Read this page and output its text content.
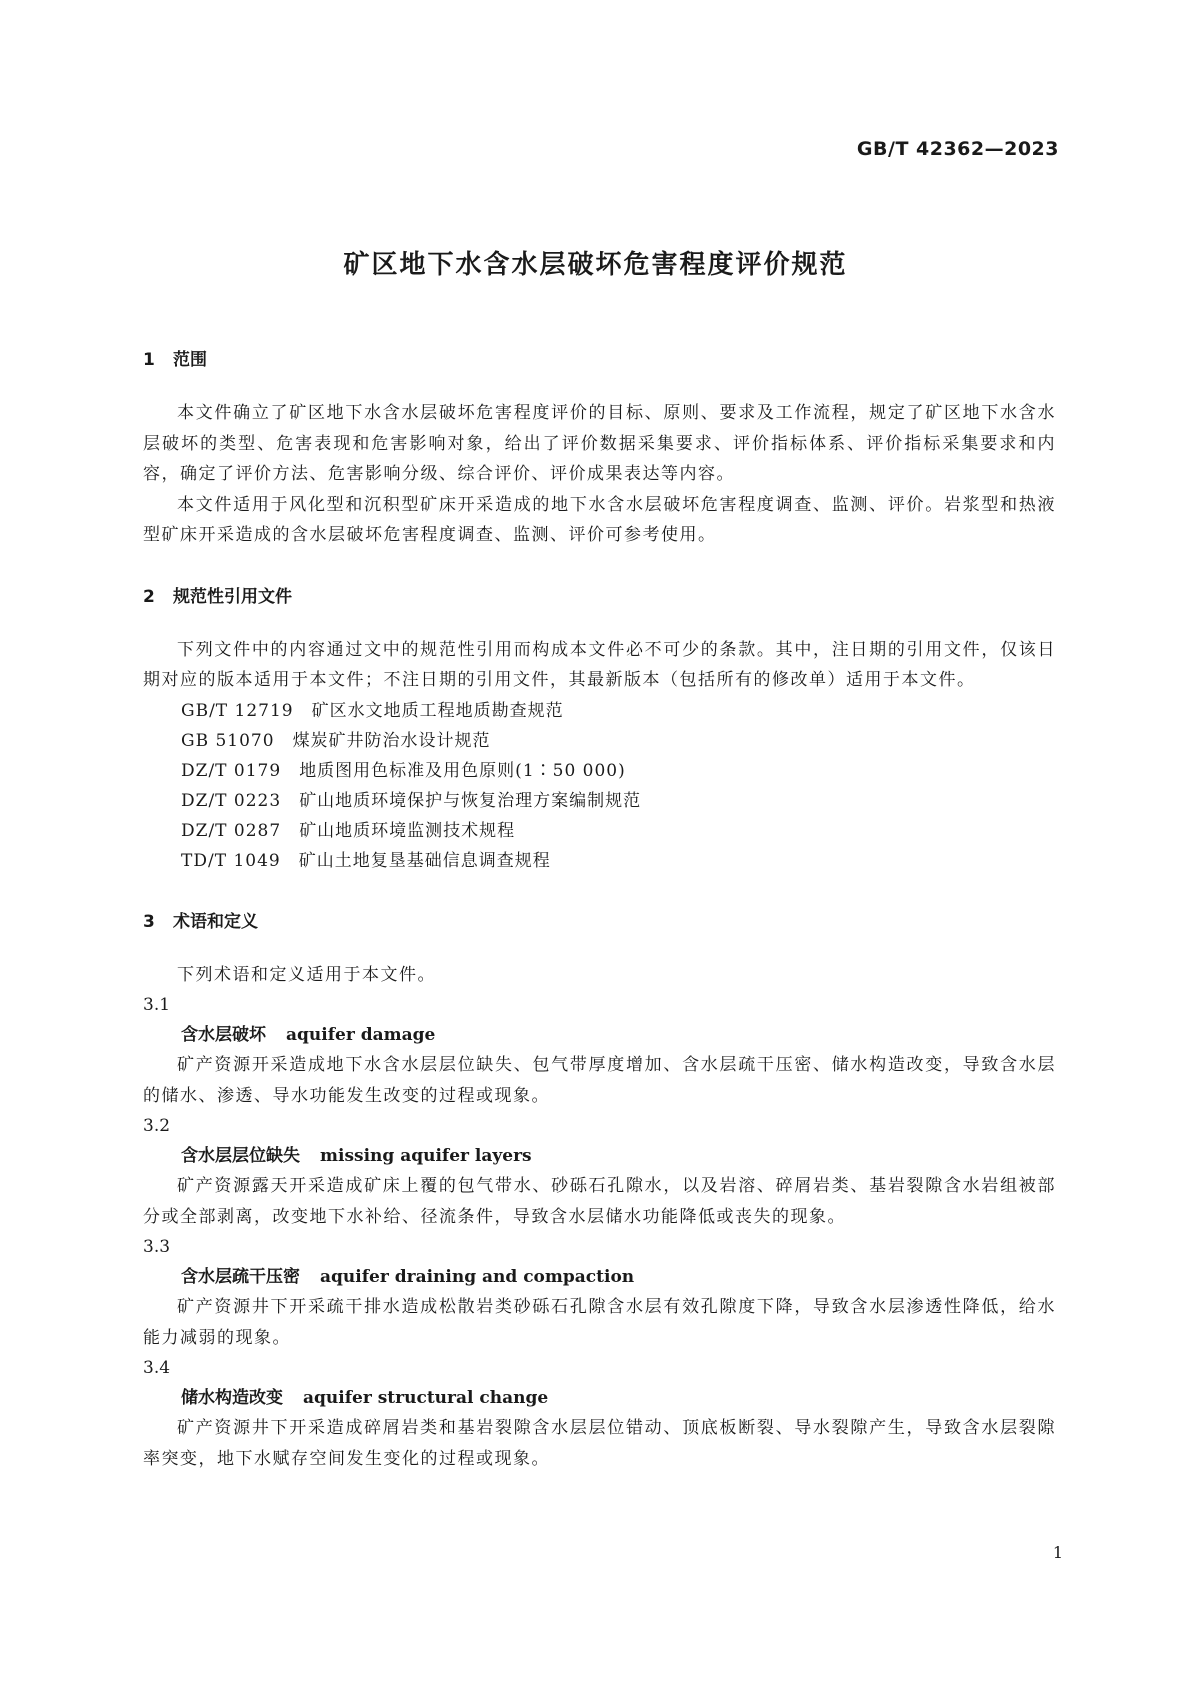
GB/T 42362—2023
矿区地下水含水层破坏危害程度评价规范
1 范围
本文件确立了矿区地下水含水层破坏危害程度评价的目标、原则、要求及工作流程，规定了矿区地下水含水层破坏的类型、危害表现和危害影响对象，给出了评价数据采集要求、评价指标体系、评价指标采集要求和内容，确定了评价方法、危害影响分级、综合评价、评价成果表达等内容。
本文件适用于风化型和沉积型矿床开采造成的地下水含水层破坏危害程度调查、监测、评价。岩浆型和热液型矿床开采造成的含水层破坏危害程度调查、监测、评价可参考使用。
2 规范性引用文件
下列文件中的内容通过文中的规范性引用而构成本文件必不可少的条款。其中，注日期的引用文件，仅该日期对应的版本适用于本文件；不注日期的引用文件，其最新版本（包括所有的修改单）适用于本文件。
GB/T 12719 矿区水文地质工程地质勘查规范
GB 51070 煤炭矿井防治水设计规范
DZ/T 0179 地质图用色标准及用色原则(1∶50 000)
DZ/T 0223 矿山地质环境保护与恢复治理方案编制规范
DZ/T 0287 矿山地质环境监测技术规程
TD/T 1049 矿山土地复垦基础信息调查规程
3 术语和定义
下列术语和定义适用于本文件。
3.1
含水层破坏 aquifer damage
矿产资源开采造成地下水含水层层位缺失、包气带厚度增加、含水层疏干压密、储水构造改变，导致含水层的储水、渗透、导水功能发生改变的过程或现象。
3.2
含水层层位缺失 missing aquifer layers
矿产资源露天开采造成矿床上覆的包气带水、砂砾石孔隙水，以及岩溶、碎屑岩类、基岩裂隙含水岩组被部分或全部剥离，改变地下水补给、径流条件，导致含水层储水功能降低或丧失的现象。
3.3
含水层疏干压密 aquifer draining and compaction
矿产资源井下开采疏干排水造成松散岩类砂砾石孔隙含水层有效孔隙度下降，导致含水层渗透性降低，给水能力减弱的现象。
3.4
储水构造改变 aquifer structural change
矿产资源井下开采造成碎屑岩类和基岩裂隙含水层层位错动、顶底板断裂、导水裂隙产生，导致含水层裂隙率突变，地下水赋存空间发生变化的过程或现象。
1
